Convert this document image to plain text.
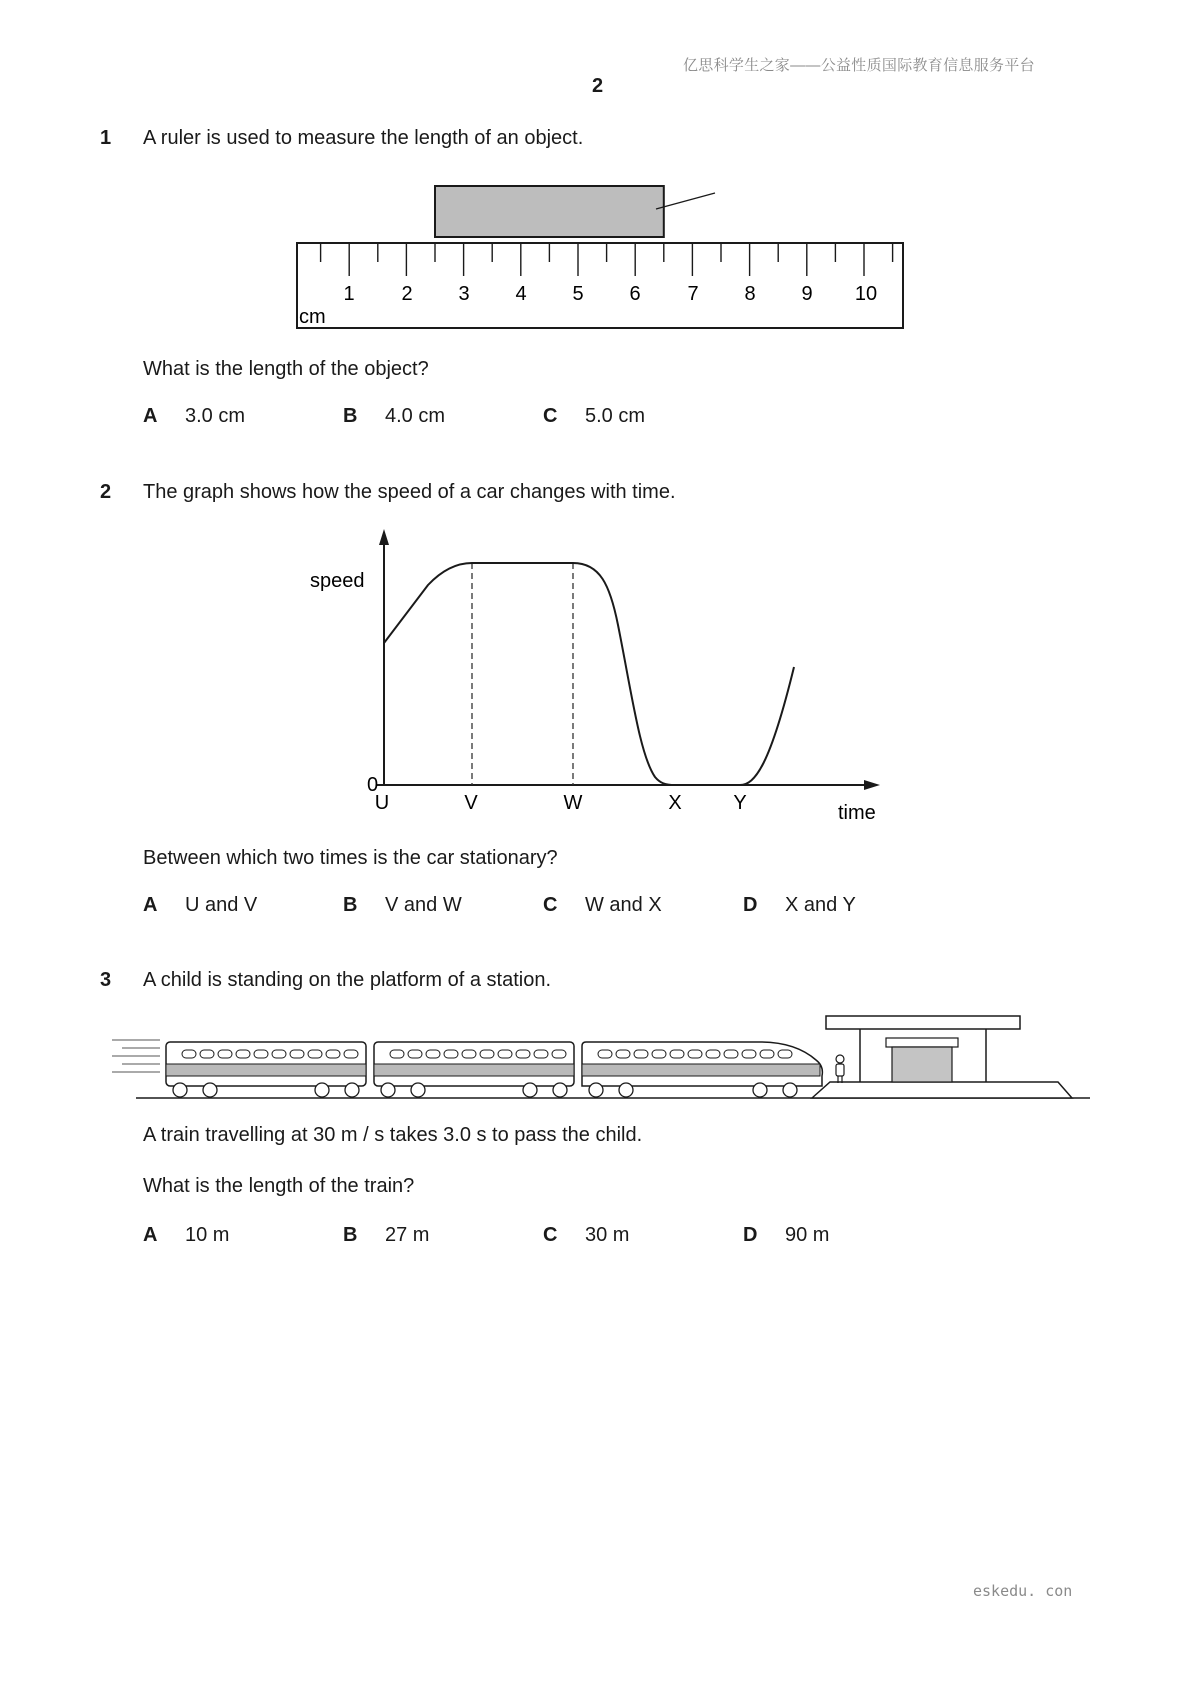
亿思科学生之家——公益性质国际教育信息服务平台
2
1 A ruler is used to measure the length of an object.
1 2 3 4 5 6 7 8 9 10
cm
What is the length of the object?
A 3.0 cm	B 4.0 cm	C 5.0 cm
2 The graph shows how the speed of a car changes with time.
speed
0
U	V	W	X	Y	time
Between which two times is the car stationary?
A U and V	B V and W	C W and X	D X and Y
3 A child is standing on the platform of a station.
A train travelling at 30 m / s takes 3.0 s to pass the child.
What is the length of the train?
A 10 m	B 27 m	C 30 m	D 90 m
eskedu. con
